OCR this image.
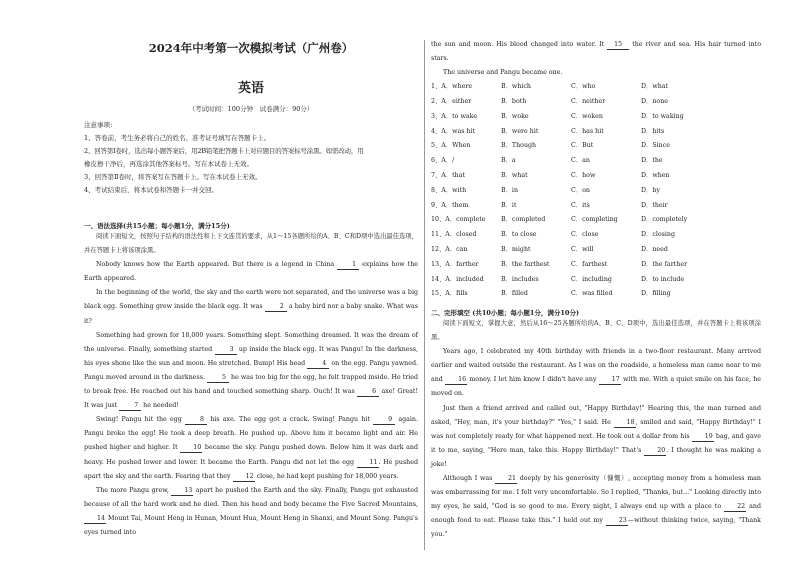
2024年中考第一次模拟考试（广州卷）
英语
（考试时间：100分钟　试卷满分：90分）
注意事项:
1、答卷前，考生务必将自己的姓名、准考证号填写在答题卡上。
2、回答第Ⅰ卷时，选出每小题答案后，用2B铅笔把答题卡上对应题目的答案标号涂黑。如需改动，用
橡皮擦干净后，再选涂其他答案标号。写在本试卷上无效。
3、回答第Ⅱ卷时，将答案写在答题卡上。写在本试卷上无效。
4、考试结束后，将本试卷和答题卡一并交回。
一、语法选择(共15小题；每小题1分，满分15分)
阅读下面短文，按照句子结构的语法性和上下文连贯的要求，从1～15各题所给的A、B、C和D项中选出最佳选项，并在答题卡上将该项涂黑。
Nobody knows how the Earth appeared. But there is a legend in China 1 explains how the Earth appeared.
In the beginning of the world, the sky and the earth were not separated, and the universe was a big black egg. Something grew inside the black egg. It was 2 a baby bird nor a baby snake. What was it?
Something had grown for 18,000 years. Something slept. Something dreamed. It was the dream of the universe. Finally, something started 3 up inside the black egg. It was Pangu! In the darkness, his eyes shone like the sun and moon. He stretched. Bump! His head 4 on the egg. Pangu yawned. Pangu moved around in the darkness. 5 he was too big for the egg, he felt trapped inside. He tried to break free. He reached out his hand and touched something sharp. Ouch! It was 6 axe! Great! It was just 7 he needed!
Swing! Pangu hit the egg 8 his axe. The egg got a crack. Swing! Pangu hit 9 again. Pangu broke the egg! He took a deep breath. He pushed up. Above him it became light and air. He pushed higher and higher. It 10 became the sky. Pangu pushed down. Below him it was dark and heavy. He pushed lower and lower. It became the Earth. Pangu did not let the egg 11. He pushed apart the sky and the earth. Fearing that they 12 close, he had kept pushing for 18,000 years.
The more Pangu grew, 13 apart he pushed the Earth and the sky. Finally, Pangu got exhausted because of all the hard work and he died. Then his head and body became the Five Sacred Mountains, 14 Mount Tai, Mount Heng in Hunan, Mount Hua, Mount Heng in Shanxi, and Mount Song. Pangu's eyes turned into
the sun and moon. His blood changed into water. It 15 the river and sea. His hair turned into stars.
The universe and Pangu became one.
1、A．where	B．which	C．who	D．what
2、A．either	B．both	C．neither	D．none
3、A．to wake	B．woke	C．woken	D．to waking
4、A．was hit	B．were hit	C．has hit	D．hits
5、A．When	B．Though	C．But	D．Since
6、A．/	B．a	C．an	D．the
7、A．that	B．what	C．how	D．when
8、A．with	B．in	C．on	D．by
9、A．them	B．it	C．its	D．their
10、A．complete B．completed	C．completing	D．completely
11、A．closed	B．to close	C．close	D．closing
12、A．can	B．might	C．will	D．need
13、A．farther	B．the farthest	C．farthest	D．the farther
14、A．included	B．includes	C．including	D．to include
15、A．fills	B．filled	C．was filled	D．filling
二、完形填空 (共10小题；每小题1分，满分10分)
阅读下面短文，掌握大意，然后从16～25各题所给的A、B、C、D项中，选出最佳选项，并在答题卡上将该项涂黑。
Years ago, I celebrated my 40th birthday with friends in a two-floor restaurant. Many arrived earlier and waited outside the restaurant. As I was on the roadside, a homeless man came near to me and 16 money. I let him know I didn't have any 17 with me. With a quiet smile on his face, he moved on.
Just then a friend arrived and called out, "Happy Birthday!" Hearing this, the man turned and asked, "Hey, man, it's your birthday?" "Yes," I said. He 18, smiled and said, "Happy Birthday!" I was not completely ready for what happened next. He took out a dollar from his 19 bag, and gave it to me, saying, "Here man, take this. Happy Birthday!" That's 20. I thought he was making a joke!
Although I was 21 deeply by his generosity（慷慨）, accepting money from a homeless man was embarrassing for me. I felt very uncomfortable. So I replied, "Thanks, but..." Looking directly into my eyes, he said, "God is so good to me. Every night, I always end up with a place to 22 and enough food to eat. Please take this." I held out my 23—without thinking twice, saying, "Thank you."
